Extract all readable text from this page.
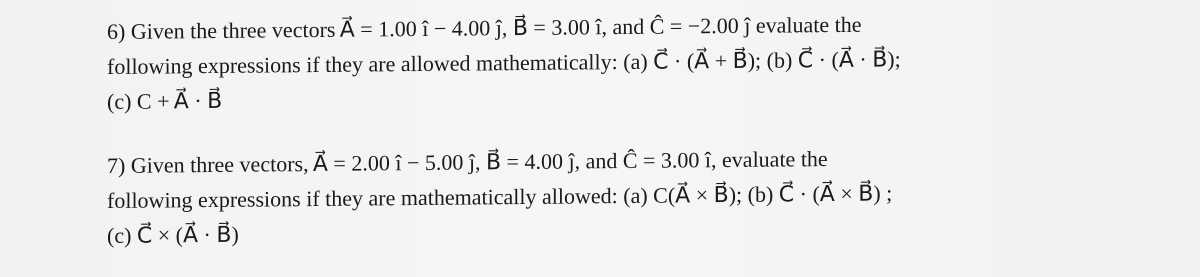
6) Given the three vectors A⃗ = 1.00 î − 4.00 ĵ, B⃗ = 3.00 î, and Ĉ = −2.00 ĵ evaluate the
following expressions if they are allowed mathematically: (a) C⃗ · (A⃗ + B⃗); (b) C⃗ · (A⃗ · B⃗);
(c) C + A⃗ · B⃗
7) Given three vectors, A⃗ = 2.00 î − 5.00 ĵ, B⃗ = 4.00 ĵ, and Ĉ = 3.00 î, evaluate the
following expressions if they are mathematically allowed: (a) C(A⃗ × B⃗); (b) C⃗ · (A⃗ × B⃗) ;
(c) C⃗ × (A⃗ · B⃗)
